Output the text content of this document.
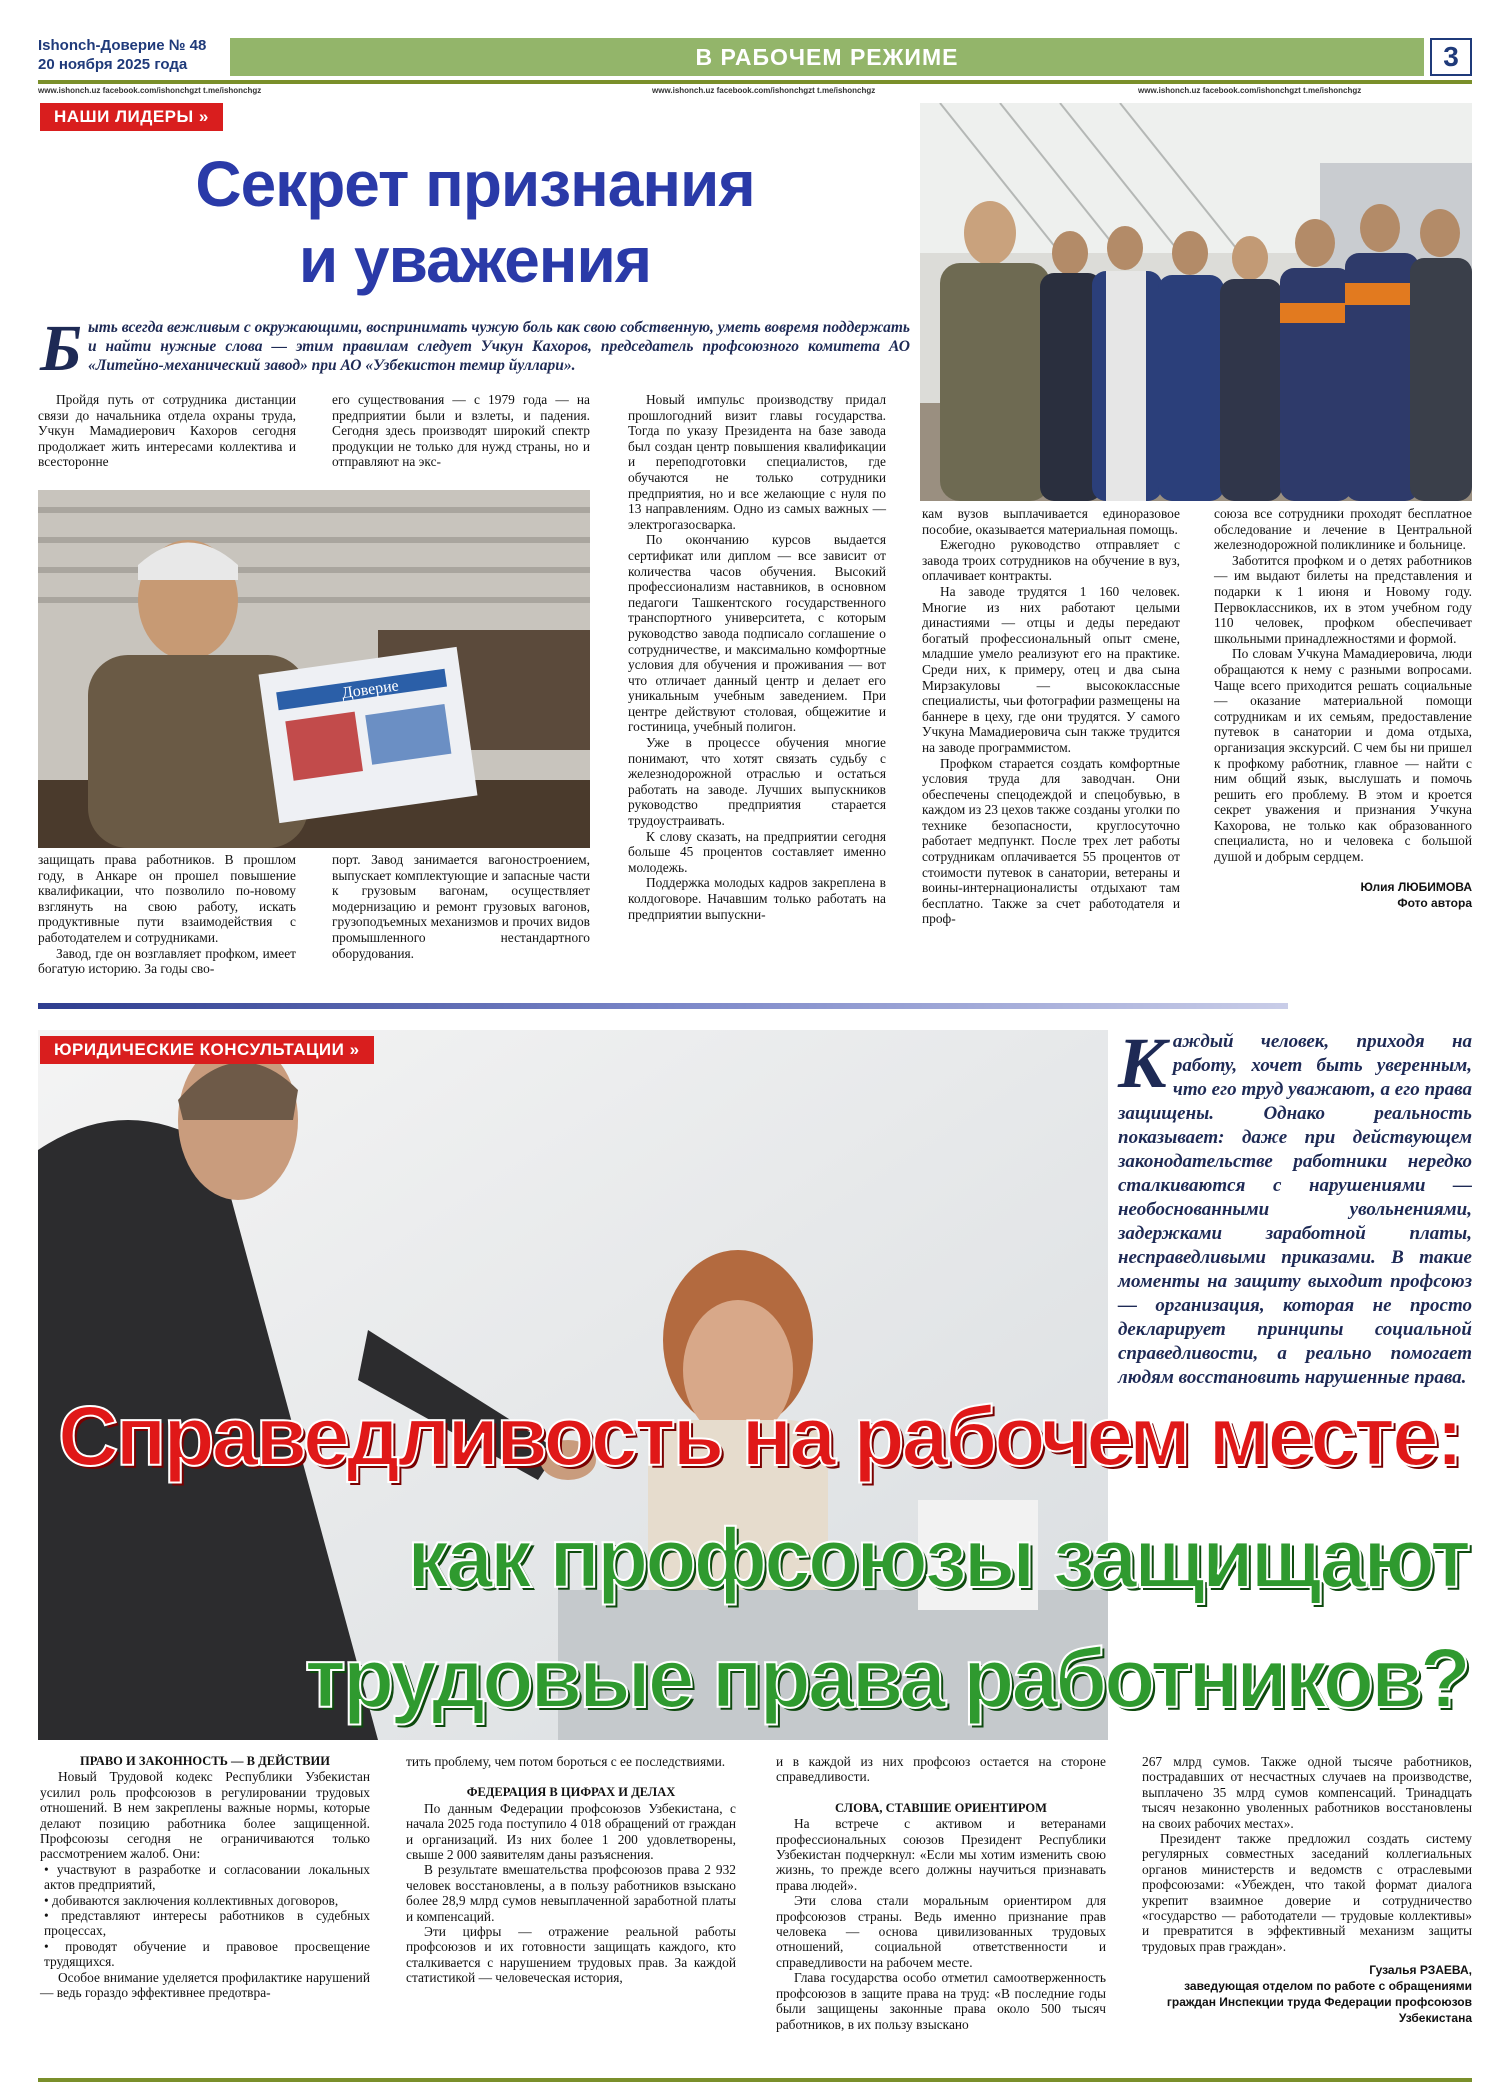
Ishonch-Доверие № 48
20 ноября 2025 года	В РАБОЧЕМ РЕЖИМЕ	3
www.ishonch.uz facebook.com/ishonchgzt t.me/ishonchgz	www.ishonch.uz facebook.com/ishonchgzt t.me/ishonchgz	www.ishonch.uz facebook.com/ishonchgzt t.me/ishonchgz
НАШИ ЛИДЕРЫ »
Секрет признания
и уважения
Б ыть всегда вежливым с окружающими, воспринимать чужую боль как свою собственную, уметь вовремя поддержать и найти нужные слова — этим правилам следует Учкун Кахоров, председатель профсоюзного комитета АО «Литейно-механический завод» при АО «Узбекистон темир йуллари».
Доверие

Пройдя путь от сотрудника дистанции связи до начальника отдела охраны труда, Учкун Мамадиерович Кахоров сегодня продолжает жить интересами коллектива и всесторонне

защищать права работников. В прошлом году, в Анкаре он прошел повышение квалификации, что позволило по-новому взглянуть на свою работу, искать продуктивные пути взаимодействия с работодателем и сотрудниками.

Завод, где он возглавляет профком, имеет богатую историю. За годы сво-

его существования — с 1979 года — на предприятии были и взлеты, и падения. Сегодня здесь производят широкий спектр продукции не только для нужд страны, но и отправляют на экс-

порт. Завод занимается вагоностроением, выпускает комплектующие и запасные части к грузовым вагонам, осуществляет модернизацию и ремонт грузовых вагонов, грузоподъемных механизмов и прочих видов промышленного нестандартного оборудования.

Новый импульс производству придал прошлогодний визит главы государства. Тогда по указу Президента на базе завода был создан центр повышения квалификации и переподготовки специалистов, где обучаются не только сотрудники предприятия, но и все желающие с нуля по 13 направлениям. Одно из самых важных — электрогазосварка.

По окончанию курсов выдается сертификат или диплом — все зависит от количества часов обучения. Высокий профессионализм наставников, в основном педагоги Ташкентского государственного транспортного университета, с которым руководство завода подписало соглашение о сотрудничестве, и максимально комфортные условия для обучения и проживания — вот что отличает данный центр и делает его уникальным учебным заведением. При центре действуют столовая, общежитие и гостиница, учебный полигон.

Уже в процессе обучения многие понимают, что хотят связать судьбу с железнодорожной отраслью и остаться работать на заводе. Лучших выпускников руководство предприятия старается трудоустраивать.

К слову сказать, на предприятии сегодня больше 45 процентов составляет именно молодежь.

Поддержка молодых кадров закреплена в колдоговоре. Начавшим только работать на предприятии выпускни-

кам вузов выплачивается единоразовое пособие, оказывается материальная помощь.

Ежегодно руководство отправляет с завода троих сотрудников на обучение в вуз, оплачивает контракты.

На заводе трудятся 1 160 человек. Многие из них работают целыми династиями — отцы и деды передают богатый профессиональный опыт смене, младшие умело реализуют его на практике. Среди них, к примеру, отец и два сына Мирзакуловы — высококлассные специалисты, чьи фотографии размещены на баннере в цеху, где они трудятся. У самого Учкуна Мамадиеровича сын также трудится на заводе программистом.

Профком старается создать комфортные условия труда для заводчан. Они обеспечены спецодеждой и спецобувью, в каждом из 23 цехов также созданы уголки по технике безопасности, круглосуточно работает медпункт. После трех лет работы сотрудникам оплачивается 55 процентов от стоимости путевок в санатории, ветераны и воины-интернационалисты отдыхают там бесплатно. Также за счет работодателя и проф-

союза все сотрудники проходят бесплатное обследование и лечение в Центральной железнодорожной поликлинике и больнице.

Заботится профком и о детях работников — им выдают билеты на представления и подарки к 1 июня и Новому году. Первоклассников, их в этом учебном году 110 человек, профком обеспечивает школьными принадлежностями и формой.

По словам Учкуна Мамадиеровича, люди обращаются к нему с разными вопросами. Чаще всего приходится решать социальные — оказание материальной помощи сотрудникам и их семьям, предоставление путевок в санатории и дома отдыха, организация экскурсий. С чем бы ни пришел к профкому работник, главное — найти с ним общий язык, выслушать и помочь решить его проблему. В этом и кроется секрет уважения и признания Учкуна Кахорова, не только как образованного специалиста, но и человека с большой душой и добрым сердцем.

Юлия ЛЮБИМОВА
Фото автора
ЮРИДИЧЕСКИЕ КОНСУЛЬТАЦИИ »	К аждый человек, приходя на работу, хочет быть уверенным, что его труд уважают, а его права защищены. Однако реальность показывает: даже при действующем законодательстве работники нередко сталкиваются с нарушениями — необоснованными увольнениями, задержками заработной платы, несправедливыми приказами. В такие моменты на защиту выходит профсоюз — организация, которая не просто декларирует принципы социальной справедливости, а реально помогает людям восстановить нарушенные права.
Справедливость на рабочем месте:
как профсоюзы защищают
трудовые права работников?

ПРАВО И ЗАКОННОСТЬ — В ДЕЙСТВИИ

Новый Трудовой кодекс Республики Узбекистан усилил роль профсоюзов в регулировании трудовых отношений. В нем закреплены важные нормы, которые делают позицию работника более защищенной. Профсоюзы сегодня не ограничиваются только рассмотрением жалоб. Они:

• участвуют в разработке и согласовании локальных актов предприятий,

• добиваются заключения коллективных договоров,

• представляют интересы работников в судебных процессах,

• проводят обучение и правовое просвещение трудящихся.

Особое внимание уделяется профилактике нарушений — ведь гораздо эффективнее предотвра-

тить проблему, чем потом бороться с ее последствиями.

ФЕДЕРАЦИЯ В ЦИФРАХ И ДЕЛАХ

По данным Федерации профсоюзов Узбекистана, с начала 2025 года поступило 4 018 обращений от граждан и организаций. Из них более 1 200 удовлетворены, свыше 2 000 заявителям даны разъяснения.

В результате вмешательства профсоюзов права 2 932 человек восстановлены, а в пользу работников взыскано более 28,9 млрд сумов невыплаченной заработной платы и компенсаций.

Эти цифры — отражение реальной работы профсоюзов и их готовности защищать каждого, кто сталкивается с нарушением трудовых прав. За каждой статистикой — человеческая история,

и в каждой из них профсоюз остается на стороне справедливости.

СЛОВА, СТАВШИЕ ОРИЕНТИРОМ

На встрече с активом и ветеранами профессиональных союзов Президент Республики Узбекистан подчеркнул: «Если мы хотим изменить свою жизнь, то прежде всего должны научиться признавать права людей».

Эти слова стали моральным ориентиром для профсоюзов страны. Ведь именно признание прав человека — основа цивилизованных трудовых отношений, социальной ответственности и справедливости на рабочем месте.

Глава государства особо отметил самоотверженность профсоюзов в защите права на труд: «В последние годы были защищены законные права около 500 тысяч работников, в их пользу взыскано

267 млрд сумов. Также одной тысяче работников, пострадавших от несчастных случаев на производстве, выплачено 35 млрд сумов компенсаций. Тринадцать тысяч незаконно уволенных работников восстановлены на своих рабочих местах».

Президент также предложил создать систему регулярных совместных заседаний коллегиальных органов министерств и ведомств с отраслевыми профсоюзами: «Убежден, что такой формат диалога укрепит взаимное доверие и сотрудничество «государство — работодатели — трудовые коллективы» и превратится в эффективный механизм защиты трудовых прав граждан».

Гузалья РЗАЕВА,
заведующая отделом по работе с обращениями граждан Инспекции труда Федерации профсоюзов Узбекистана
